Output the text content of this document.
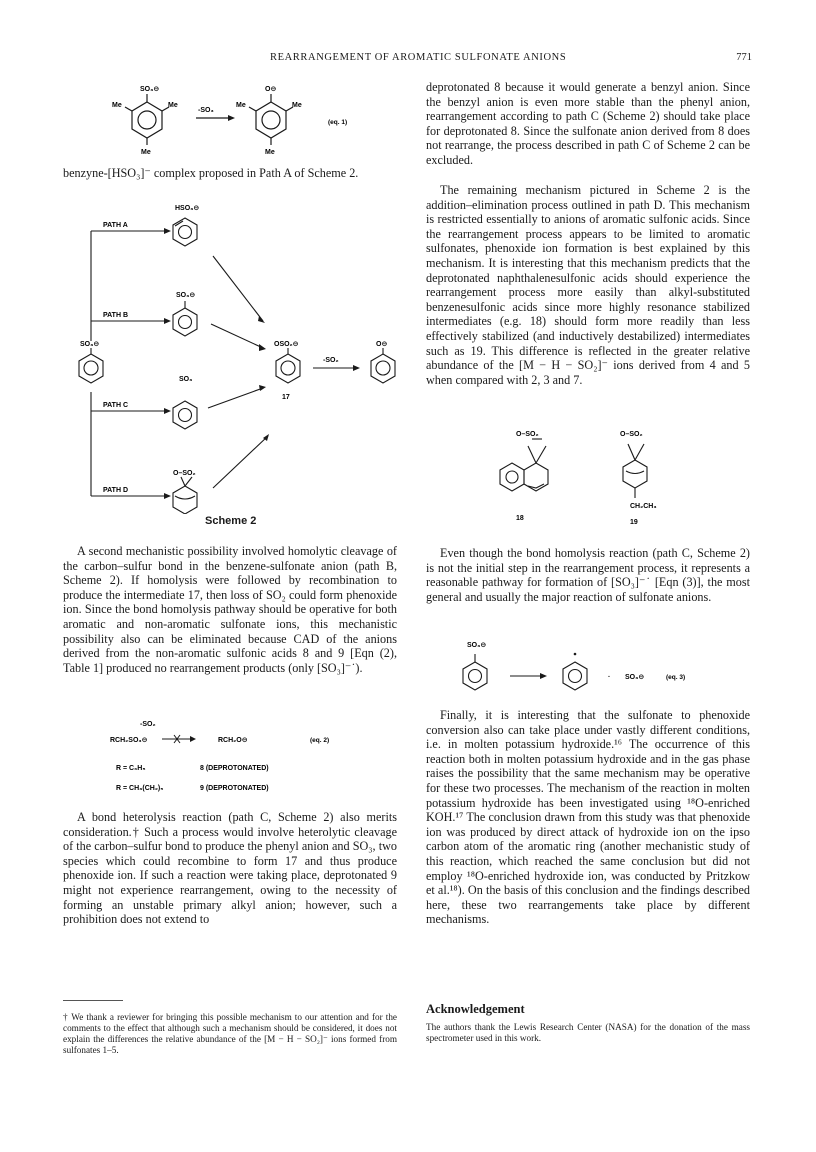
REARRANGEMENT OF AROMATIC SULFONATE ANIONS	771
SO₃⊖
Me	Me
Me
-SO₃
O⊖
Me	Me
Me
(eq. 1)

benzyne-[HSO₃]⁻ complex proposed in Path A of Scheme 2.

PATH A
PATH B
PATH C
PATH D
SO₃⊖
HSO₃⊖
SO₃⊖
SO₃
O–SO₂
OSO₂⊖
17
-SO₂
O⊖
Scheme 2

A second mechanistic possibility involved homolytic cleavage of the carbon–sulfur bond in the benzene-sulfonate anion (path B, Scheme 2). If homolysis were followed by recombination to produce the intermediate 17, then loss of SO₂ could form phenoxide ion. Since the bond homolysis pathway should be operative for both aromatic and non-aromatic sulfonate ions, this mechanistic possibility also can be eliminated because CAD of the anions derived from the non-aromatic sulfonic acids 8 and 9 [Eqn (2), Table 1] produced no rearrangement products (only [SO₃]⁻˙).

-SO₂
RCH₂SO₃⊖	RCH₂O⊖	(eq. 2)
R = C₆H₅	8 (DEPROTONATED)
R = CH₃(CH₂)₅	9 (DEPROTONATED)

A bond heterolysis reaction (path C, Scheme 2) also merits consideration.† Such a process would involve heterolytic cleavage of the carbon–sulfur bond to produce the phenyl anion and SO₃, two species which could recombine to form 17 and thus produce phenoxide ion. If such a reaction were taking place, deprotonated 9 might not experience rearrangement, owing to the necessity of forming an unstable primary alkyl anion; however, such a prohibition does not extend to

† We thank a reviewer for bringing this possible mechanism to our attention and for the comments to the effect that although such a mechanism should be considered, it does not explain the differences the relative abundance of the [M − H − SO₂]⁻ ions formed from sulfonates 1–5.

deprotonated 8 because it would generate a benzyl anion. Since the benzyl anion is even more stable than the phenyl anion, rearrangement according to path C (Scheme 2) should take place for deprotonated 8. Since the sulfonate anion derived from 8 does not rearrange, the process described in path C of Scheme 2 can be excluded.

The remaining mechanism pictured in Scheme 2 is the addition–elimination process outlined in path D. This mechanism is restricted essentially to anions of aromatic sulfonic acids. Since the rearrangement process appears to be limited to aromatic sulfonates, phenoxide ion formation is best explained by this mechanism. It is interesting that this mechanism predicts that the deprotonated naphthalenesulfonic acids should experience the rearrangement process more easily than alkyl-substituted benzenesulfonic acids since more highly resonance stabilized intermediates (e.g. 18) should form more readily than less effectively stabilized (and inductively destabilized) intermediates such as 19. This difference is reflected in the greater relative abundance of the [M − H − SO₂]⁻ ions derived from 4 and 5 when compared with 2, 3 and 7.

O–SO₂	O–SO₂
CH₂CH₃
18
19

Even though the bond homolysis reaction (path C, Scheme 2) is not the initial step in the rearrangement process, it represents a reasonable pathway for formation of [SO₃]⁻˙ [Eqn (3)], the most general and usually the major reaction of sulfonate anions.

SO₃⊖
· SO₃⊖	(eq. 3)

Finally, it is interesting that the sulfonate to phenoxide conversion also can take place under vastly different conditions, i.e. in molten potassium hydroxide.¹⁶ The occurrence of this reaction both in molten potassium hydroxide and in the gas phase raises the possibility that the same mechanism may be operative for these two processes. The mechanism of the reaction in molten potassium hydroxide has been investigated using ¹⁸O-enriched KOH.¹⁷ The conclusion drawn from this study was that phenoxide ion was produced by direct attack of hydroxide ion on the ipso carbon atom of the aromatic ring (another mechanistic study of this reaction, which reached the same conclusion but did not employ ¹⁸O-enriched hydroxide ion, was conducted by Pritzkow et al.¹⁸). On the basis of this conclusion and the findings described here, these two rearrangements take place by different mechanisms.

Acknowledgement
The authors thank the Lewis Research Center (NASA) for the donation of the mass spectrometer used in this work.
